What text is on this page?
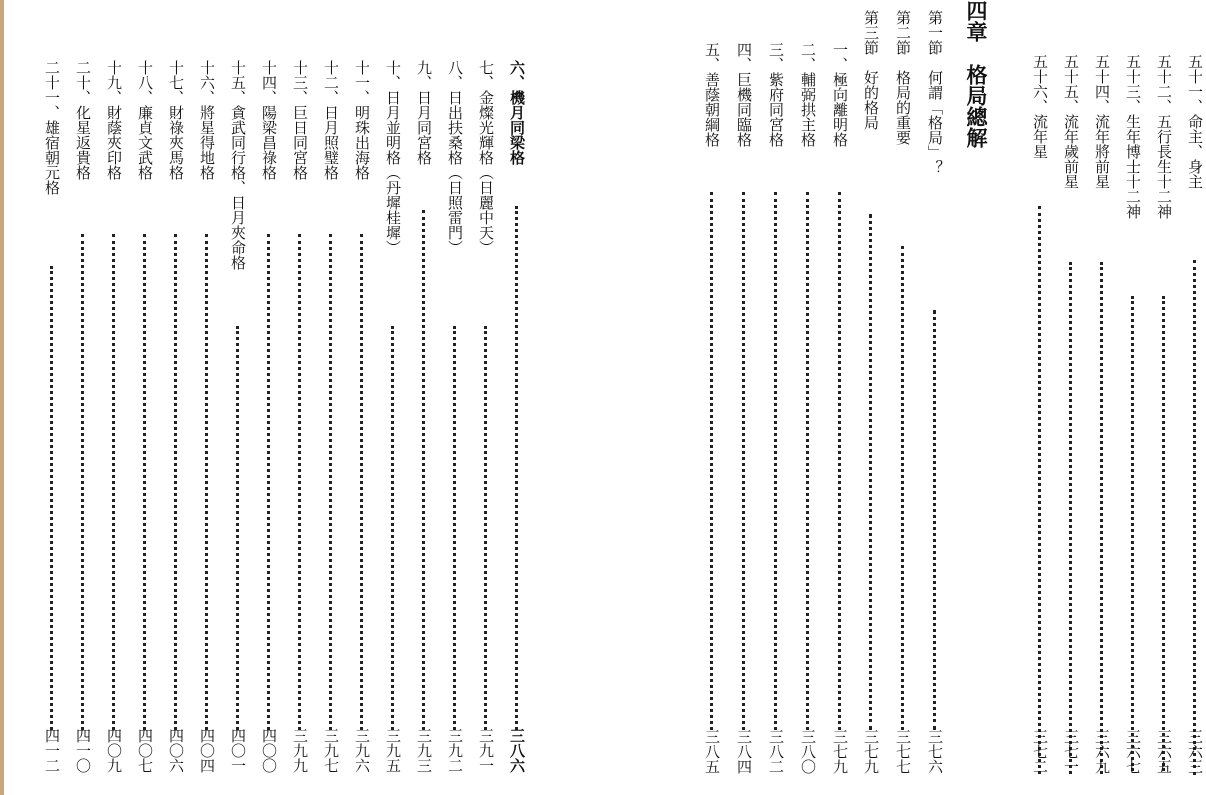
四章格局總解	五十一、命主、身主
三六三
五十二、五行長生十二神
三六五
五十三、生年博士十二神
三六七
五十四、流年將前星
三六九
五十五、流年歲前星
三七一
五十六、流年星
三七二
第一節　何謂「格局」？
三七六
第二節　格局的重要
三七七
第三節　好的格局
三七九
一、極向離明格
三七九
二、輔弼拱主格
三八〇
三、紫府同宮格
三八二
四、巨機同臨格
三八四
五、善蔭朝綱格
三八五
六、機月同梁格
三八六
七、金燦光輝格（日麗中天）
三九一
八、日出扶桑格（日照雷門）
三九二
九、日月同宮格
三九三
十、日月並明格（丹墀桂墀）
三九五
十一、明珠出海格
三九六
十二、日月照璧格
三九七
十三、巨日同宮格
三九九
十四、陽梁昌祿格
四〇〇
十五、貪武同行格、日月夾命格
四〇一
十六、將星得地格
四〇四
十七、財祿夾馬格
四〇六
十八、廉貞文武格
四〇七
十九、財蔭夾印格
四〇九
二十、化星返貴格
四一〇
二十一、雄宿朝元格
四一二
